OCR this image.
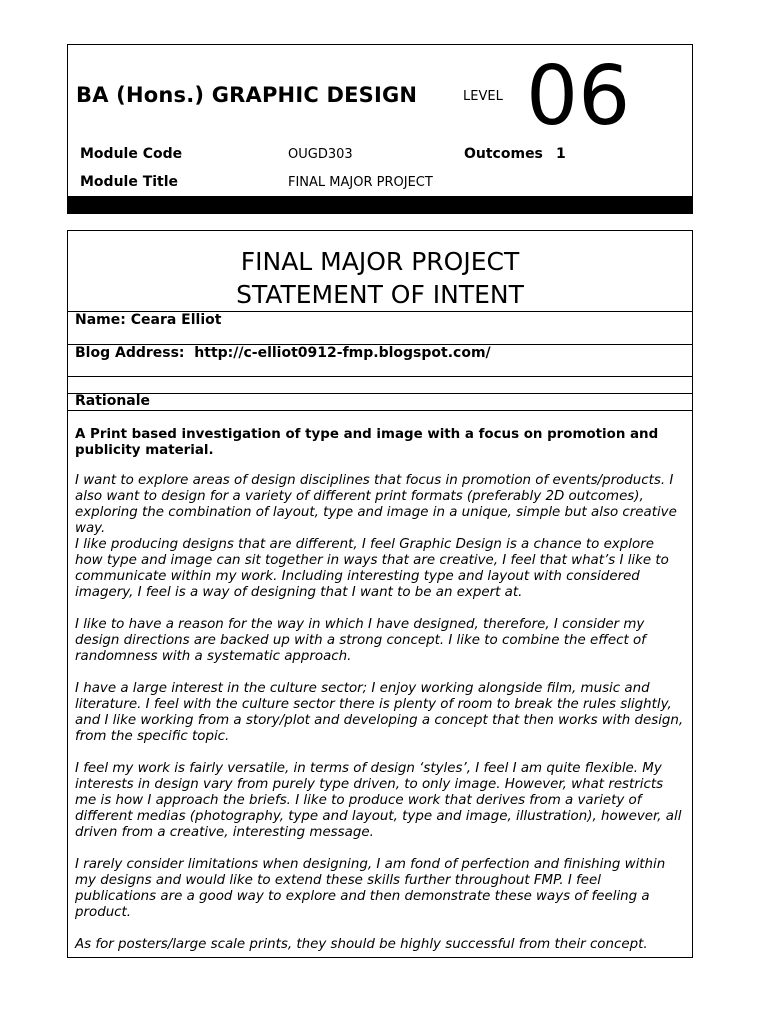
BA (Hons.) GRAPHIC DESIGN	LEVEL 06
Module Code	OUGD303	Outcomes 1
Module Title	FINAL MAJOR PROJECT
FINAL MAJOR PROJECT
STATEMENT OF INTENT
Name: Ceara Elliot
Blog Address: http://c-elliot0912-fmp.blogspot.com/
Rationale

A Print based investigation of type and image with a focus on promotion and publicity material.

I want to explore areas of design disciplines that focus in promotion of events/products. I also want to design for a variety of different print formats (preferably 2D outcomes), exploring the combination of layout, type and image in a unique, simple but also creative way.

I like producing designs that are different, I feel Graphic Design is a chance to explore how type and image can sit together in ways that are creative, I feel that what’s I like to communicate within my work. Including interesting type and layout with considered imagery, I feel is a way of designing that I want to be an expert at.

I like to have a reason for the way in which I have designed, therefore, I consider my design directions are backed up with a strong concept. I like to combine the effect of randomness with a systematic approach.

I have a large interest in the culture sector; I enjoy working alongside film, music and literature. I feel with the culture sector there is plenty of room to break the rules slightly, and I like working from a story/plot and developing a concept that then works with design, from the specific topic.

I feel my work is fairly versatile, in terms of design ‘styles’, I feel I am quite flexible. My interests in design vary from purely type driven, to only image. However, what restricts me is how I approach the briefs. I like to produce work that derives from a variety of different medias (photography, type and layout, type and image, illustration), however, all driven from a creative, interesting message.

I rarely consider limitations when designing, I am fond of perfection and finishing within my designs and would like to extend these skills further throughout FMP. I feel publications are a good way to explore and then demonstrate these ways of feeling a product.

As for posters/large scale prints, they should be highly successful from their concept.
